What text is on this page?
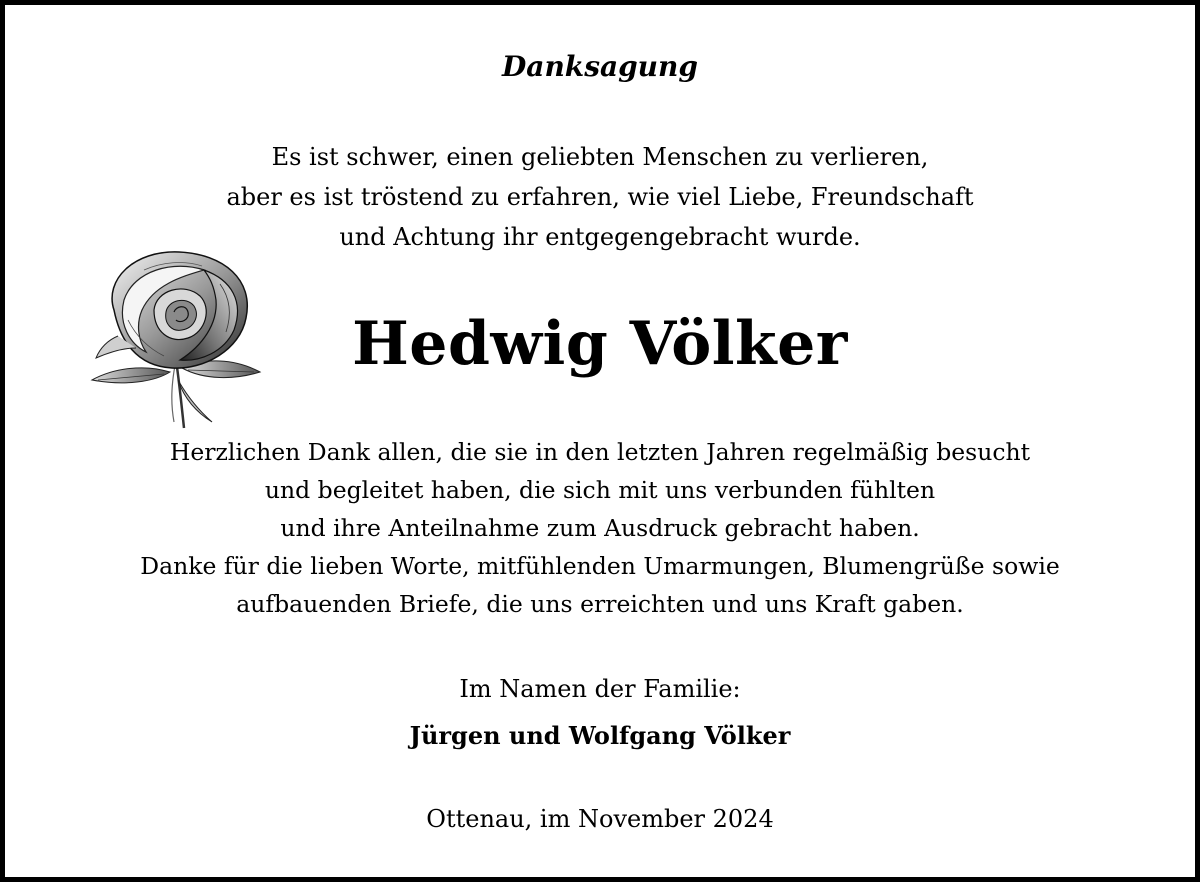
Danksagung
Es ist schwer, einen geliebten Menschen zu verlieren,
aber es ist tröstend zu erfahren, wie viel Liebe, Freundschaft
und Achtung ihr entgegengebracht wurde.
Hedwig Völker
Herzlichen Dank allen, die sie in den letzten Jahren regelmäßig besucht
und begleitet haben, die sich mit uns verbunden fühlten
und ihre Anteilnahme zum Ausdruck gebracht haben.
Danke für die lieben Worte, mitfühlenden Umarmungen, Blumengrüße sowie
aufbauenden Briefe, die uns erreichten und uns Kraft gaben.
Im Namen der Familie:
Jürgen und Wolfgang Völker
Ottenau, im November 2024
